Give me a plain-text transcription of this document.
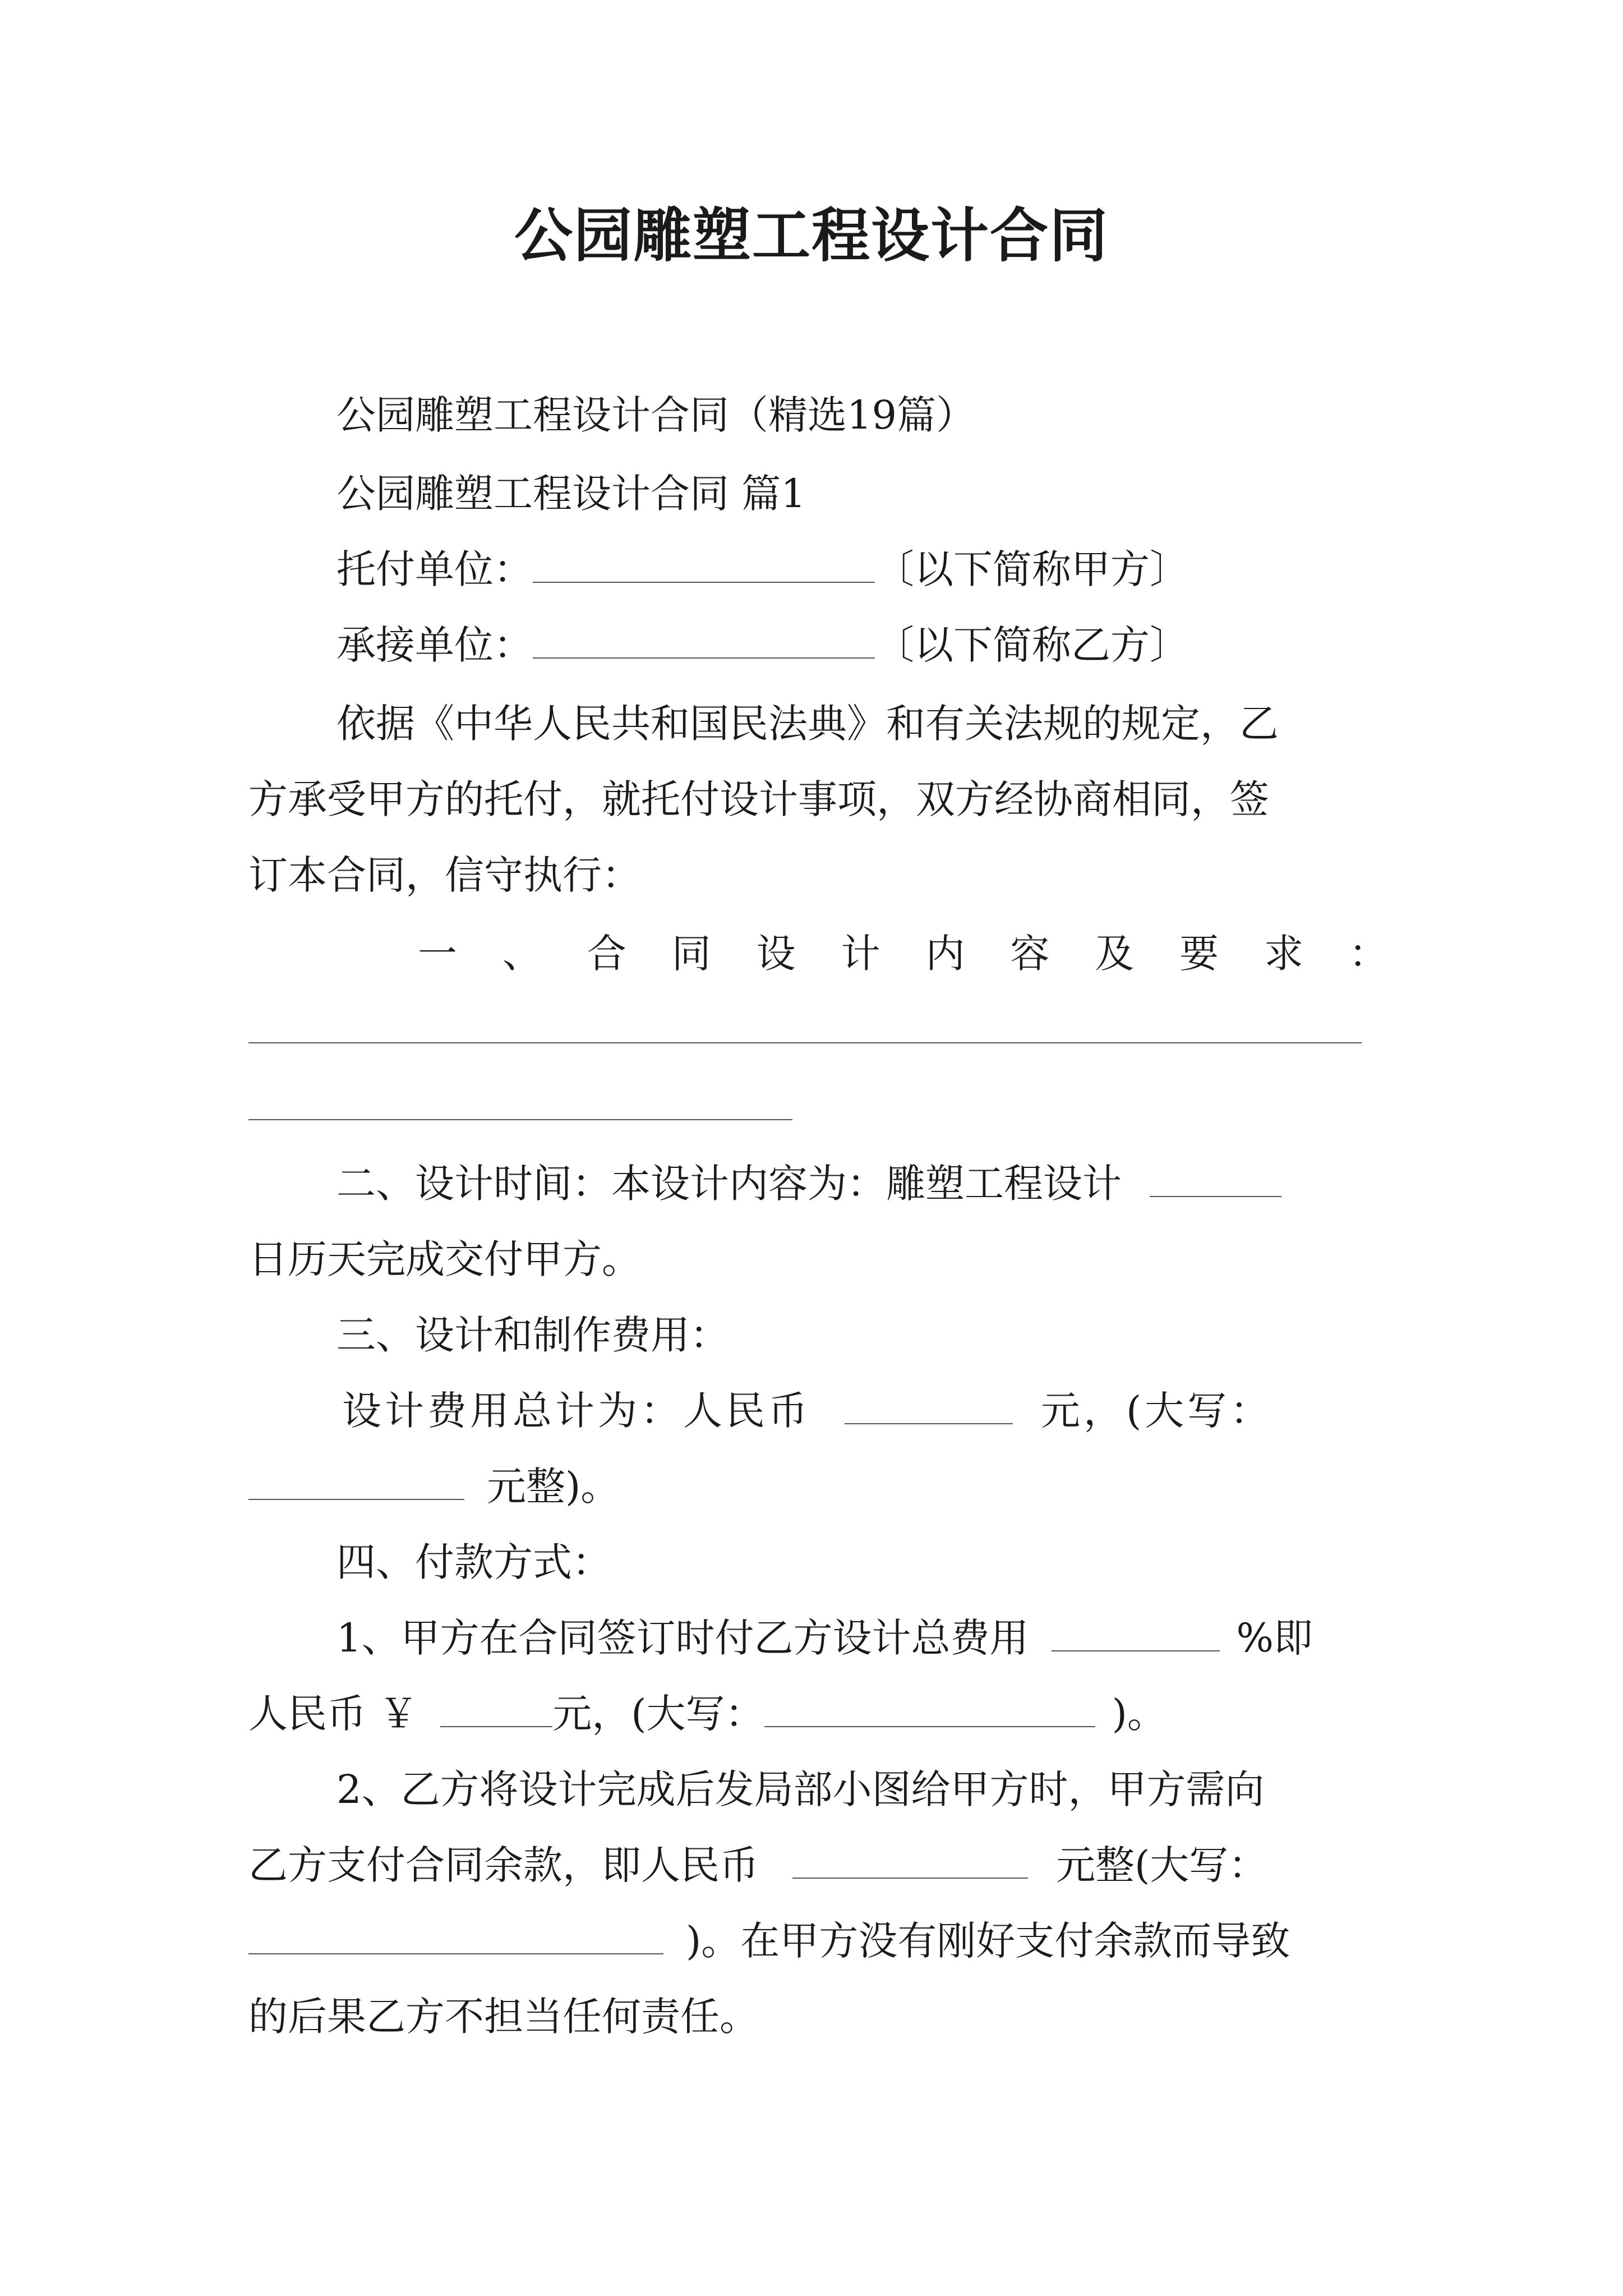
公园雕塑工程设计合同
公园雕塑工程设计合同（精选19篇）
公园雕塑工程设计合同 篇1
托付单位：	〔以下简称甲方〕
承接单位：	〔以下简称乙方〕
依据《中华人民共和国民法典》和有关法规的规定，乙
方承受甲方的托付，就托付设计事项，双方经协商相同，签
订本合同，信守执行：
一 、 合 同 设 计 内 容 及 要 求 ：
二、设计时间：本设计内容为：雕塑工程设计
日历天完成交付甲方。
三、设计和制作费用：
设计费用总计为：人民币	元，(大写：
元整)。
四、付款方式：
1、甲方在合同签订时付乙方设计总费用	%即
人民币 ￥	元，(大写：	)。
2、乙方将设计完成后发局部小图给甲方时，甲方需向
乙方支付合同余款，即人民币	元整(大写：
)。在甲方没有刚好支付余款而导致
的后果乙方不担当任何责任。
